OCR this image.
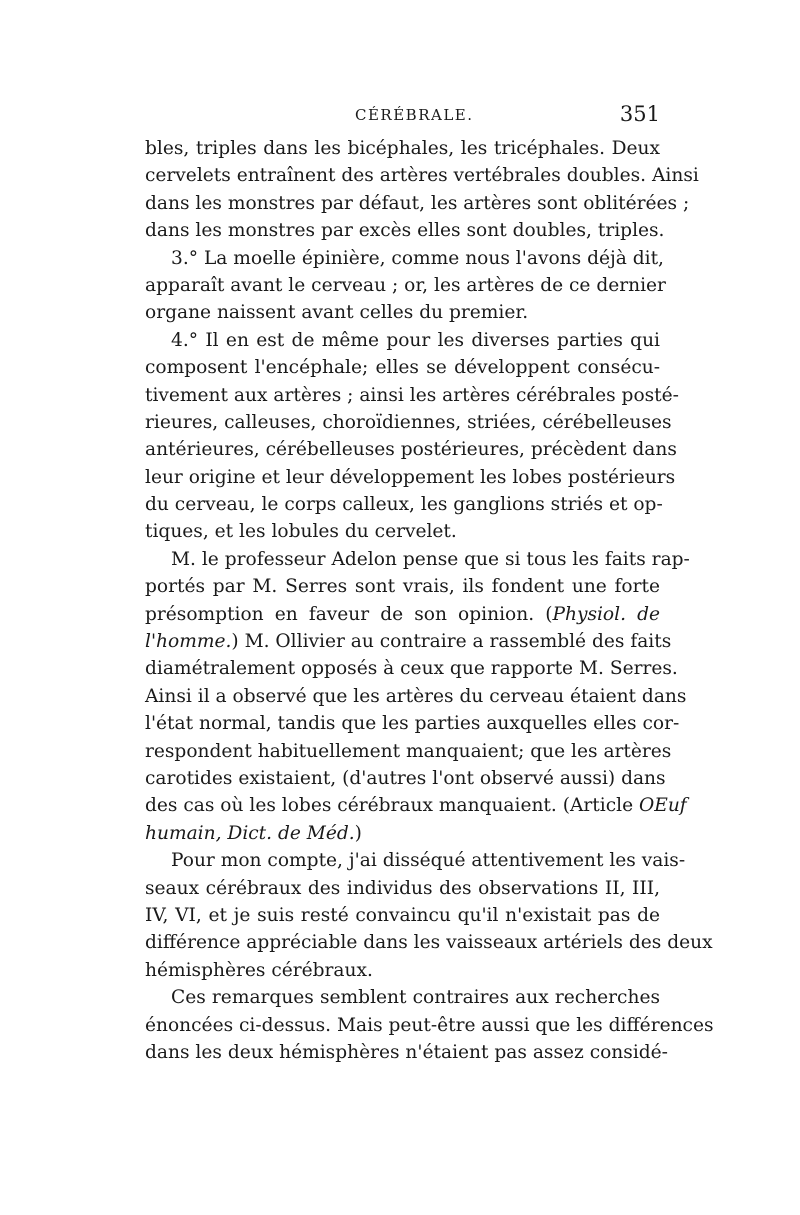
CÉRÉBRALE.	351
bles, triples dans les bicéphales, les tricéphales. Deux
cervelets entraînent des artères vertébrales doubles. Ainsi
dans les monstres par défaut, les artères sont oblitérées ;
dans les monstres par excès elles sont doubles, triples.
3.° La moelle épinière, comme nous l'avons déjà dit,
apparaît avant le cerveau ; or, les artères de ce dernier
organe naissent avant celles du premier.
4.° Il en est de même pour les diverses parties qui
composent l'encéphale; elles se développent consécu-
tivement aux artères ; ainsi les artères cérébrales posté-
rieures, calleuses, choroïdiennes, striées, cérébelleuses
antérieures, cérébelleuses postérieures, précèdent dans
leur origine et leur développement les lobes postérieurs
du cerveau, le corps calleux, les ganglions striés et op-
tiques, et les lobules du cervelet.
M. le professeur Adelon pense que si tous les faits rap-
portés par M. Serres sont vrais, ils fondent une forte
présomption en faveur de son opinion. (Physiol. de
l'homme.) M. Ollivier au contraire a rassemblé des faits
diamétralement opposés à ceux que rapporte M. Serres.
Ainsi il a observé que les artères du cerveau étaient dans
l'état normal, tandis que les parties auxquelles elles cor-
respondent habituellement manquaient; que les artères
carotides existaient, (d'autres l'ont observé aussi) dans
des cas où les lobes cérébraux manquaient. (Article OEuf
humain, Dict. de Méd.)
Pour mon compte, j'ai disséqué attentivement les vais-
seaux cérébraux des individus des observations II, III,
IV, VI, et je suis resté convaincu qu'il n'existait pas de
différence appréciable dans les vaisseaux artériels des deux
hémisphères cérébraux.
Ces remarques semblent contraires aux recherches
énoncées ci-dessus. Mais peut-être aussi que les différences
dans les deux hémisphères n'étaient pas assez considé-
